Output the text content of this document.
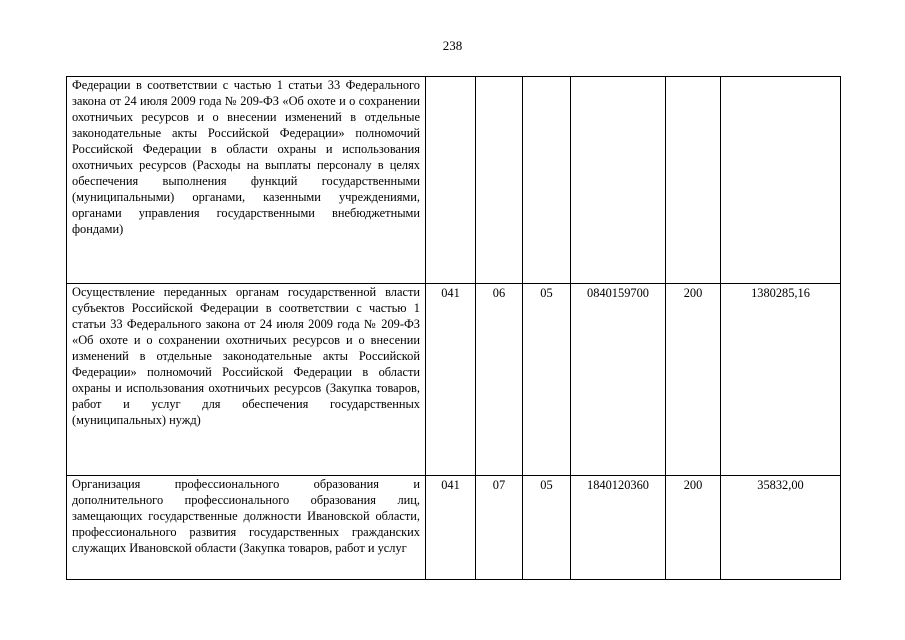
238
Федерации в соответствии с частью 1 статьи 33 Федерального закона от 24 июля 2009 года № 209-ФЗ «Об охоте и о сохранении охотничьих ресурсов и о внесении изменений в отдельные законодательные акты Российской Федерации» полномочий Российской Федерации в области охраны и использования охотничьих ресурсов (Расходы на выплаты персоналу в целях обеспечения выполнения функций государственными (муниципальными) органами, казенными учреждениями, органами управления государственными внебюджетными фондами)						
Осуществление переданных органам государственной власти субъектов Российской Федерации в соответствии с частью 1 статьи 33 Федерального закона от 24 июля 2009 года № 209-ФЗ «Об охоте и о сохранении охотничьих ресурсов и о внесении изменений в отдельные законодательные акты Российской Федерации» полномочий Российской Федерации в области охраны и использования охотничьих ресурсов (Закупка товаров, работ и услуг для обеспечения государственных (муниципальных) нужд)	041	06	05	0840159700	200	1380285,16
Организация профессионального образования и дополнительного профессионального образования лиц, замещающих государственные должности Ивановской области, профессионального развития государственных гражданских служащих Ивановской области (Закупка товаров, работ и услуг	041	07	05	1840120360	200	35832,00
